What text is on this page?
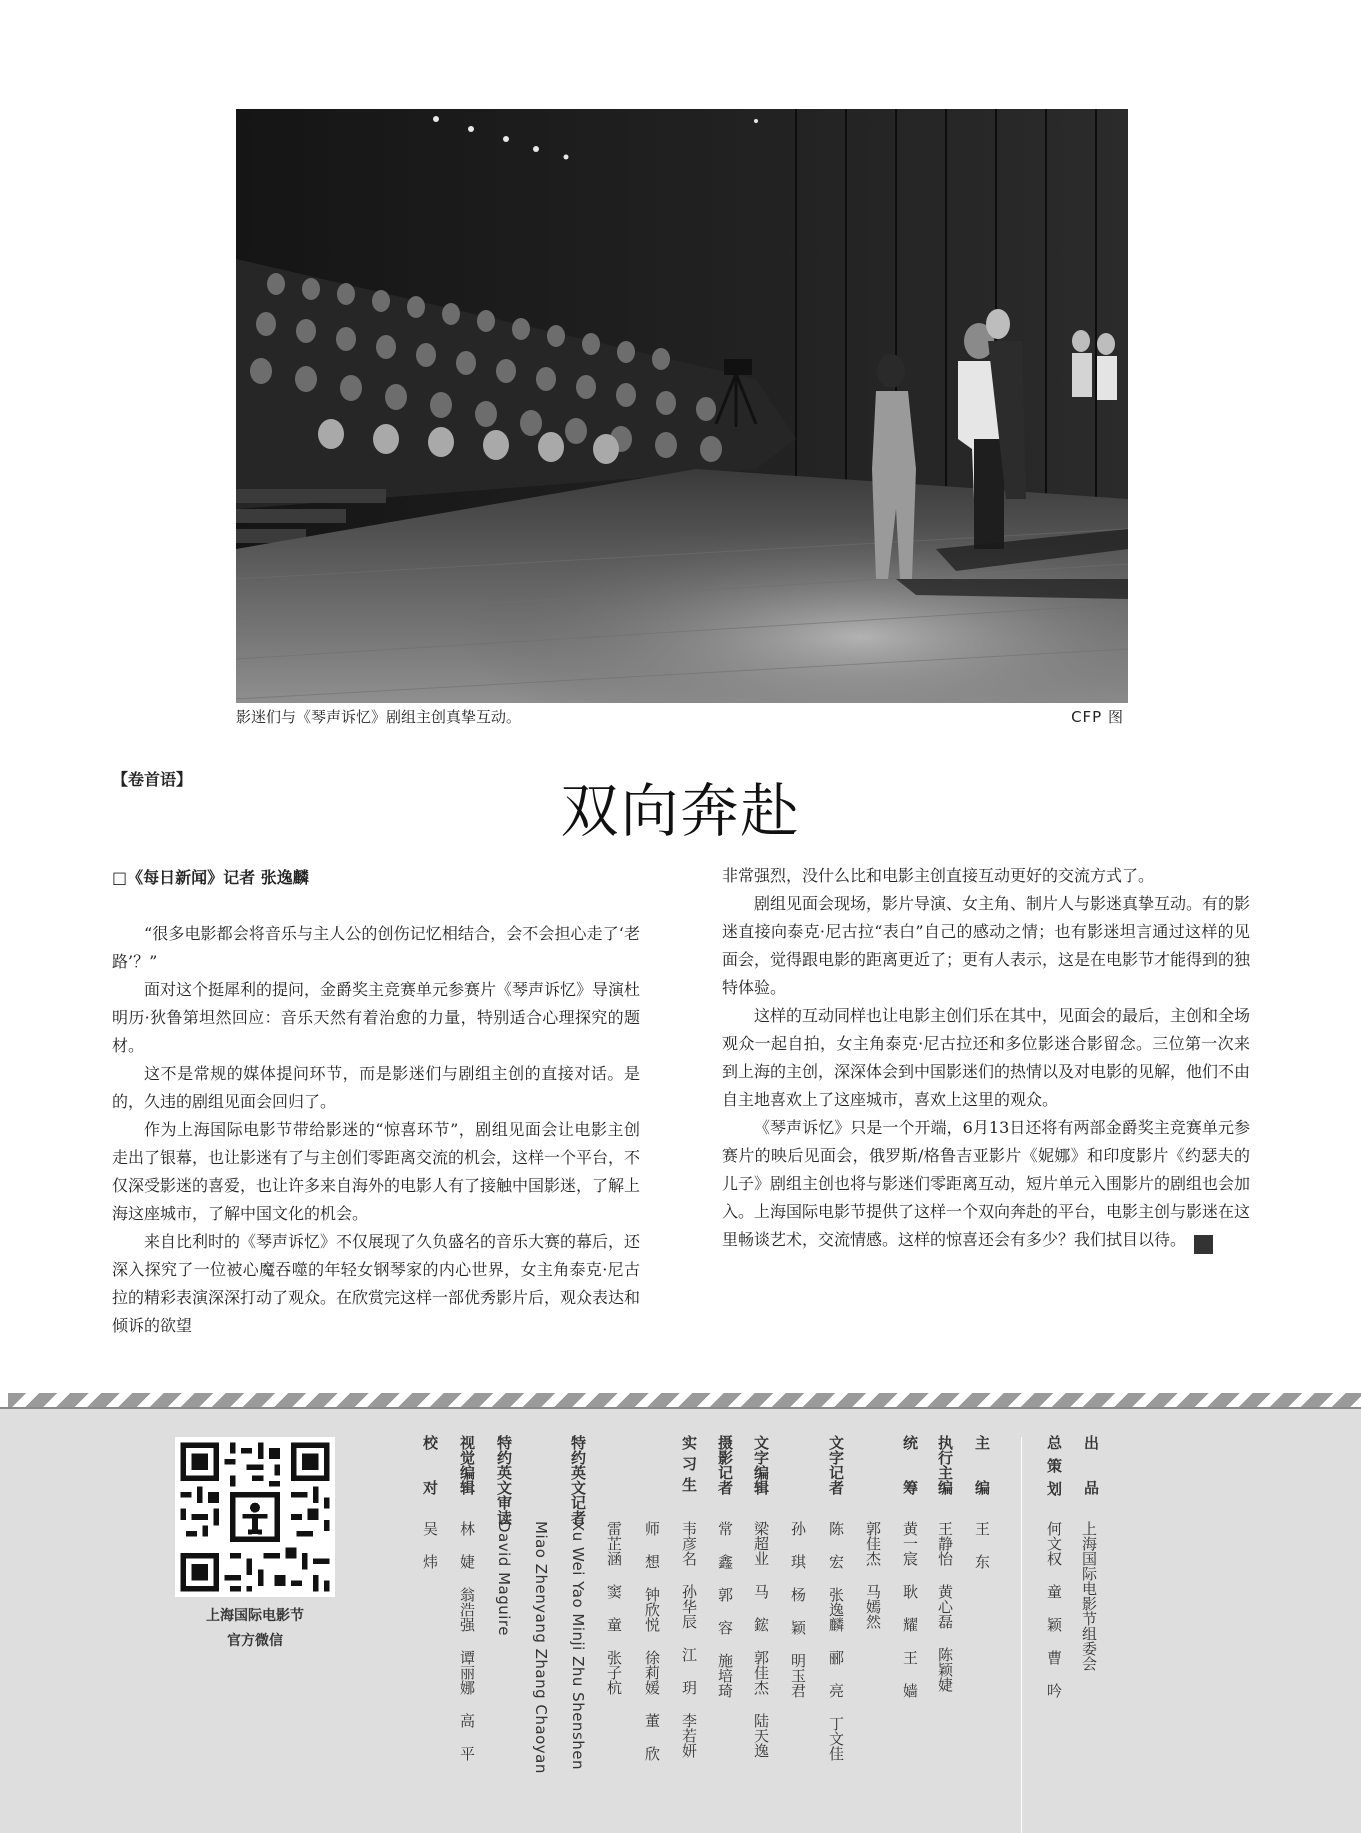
影迷们与《琴声诉忆》剧组主创真挚互动。	CFP 图
【卷首语】	双向奔赴
□《每日新闻》记者 张逸麟

“很多电影都会将音乐与主人公的创伤记忆相结合，会不会担心走了‘老路’？”

面对这个挺犀利的提问，金爵奖主竞赛单元参赛片《琴声诉忆》导演杜明历·狄鲁第坦然回应：音乐天然有着治愈的力量，特别适合心理探究的题材。

这不是常规的媒体提问环节，而是影迷们与剧组主创的直接对话。是的，久违的剧组见面会回归了。

作为上海国际电影节带给影迷的“惊喜环节”，剧组见面会让电影主创走出了银幕，也让影迷有了与主创们零距离交流的机会，这样一个平台，不仅深受影迷的喜爱，也让许多来自海外的电影人有了接触中国影迷，了解上海这座城市，了解中国文化的机会。

来自比利时的《琴声诉忆》不仅展现了久负盛名的音乐大赛的幕后，还深入探究了一位被心魔吞噬的年轻女钢琴家的内心世界，女主角泰克·尼古拉的精彩表演深深打动了观众。在欣赏完这样一部优秀影片后，观众表达和倾诉的欲望

非常强烈，没什么比和电影主创直接互动更好的交流方式了。

剧组见面会现场，影片导演、女主角、制片人与影迷真挚互动。有的影迷直接向泰克·尼古拉“表白”自己的感动之情；也有影迷坦言通过这样的见面会，觉得跟电影的距离更近了；更有人表示，这是在电影节才能得到的独特体验。

这样的互动同样也让电影主创们乐在其中，见面会的最后，主创和全场观众一起自拍，女主角泰克·尼古拉还和多位影迷合影留念。三位第一次来到上海的主创，深深体会到中国影迷们的热情以及对电影的见解，他们不由自主地喜欢上了这座城市，喜欢上这里的观众。

《琴声诉忆》只是一个开端，6月13日还将有两部金爵奖主竞赛单元参赛片的映后见面会，俄罗斯/格鲁吉亚影片《妮娜》和印度影片《约瑟夫的儿子》剧组主创也将与影迷们零距离互动，短片单元入围影片的剧组也会加入。上海国际电影节提供了这样一个双向奔赴的平台，电影主创与影迷在这里畅谈艺术，交流情感。这样的惊喜还会有多少？我们拭目以待。	T

上海国际电影节
官方微信
出品
上海国际电影节组委会
总策划
何文权 童 颖 曹 吟
主编
王 东
执行主编
王静怡 黄心磊 陈颖婕
统筹
黄一宸 耿 耀 王 嫱
郭佳杰 马嫣然
文字记者
陈 宏 张逸麟 郦 亮 丁文佳
孙 琪 杨 颖 明玉君
文字编辑
梁超业 马 鋐 郭佳杰 陆天逸
摄影记者
常 鑫 郭 容 施培琦
实习生
韦彦名 孙华辰 江 玥 李若妍
师 想 钟欣悦 徐莉媛 董 欣
雷芷涵 窦 童 张子杭
特约英文记者
Xu Wei Yao Minji Zhu Shenshen
Miao Zhenyang Zhang Chaoyan
特约英文审读
David Maguire
视觉编辑
林 婕 翁浩强 谭丽娜 高 平
校对
吴 炜
